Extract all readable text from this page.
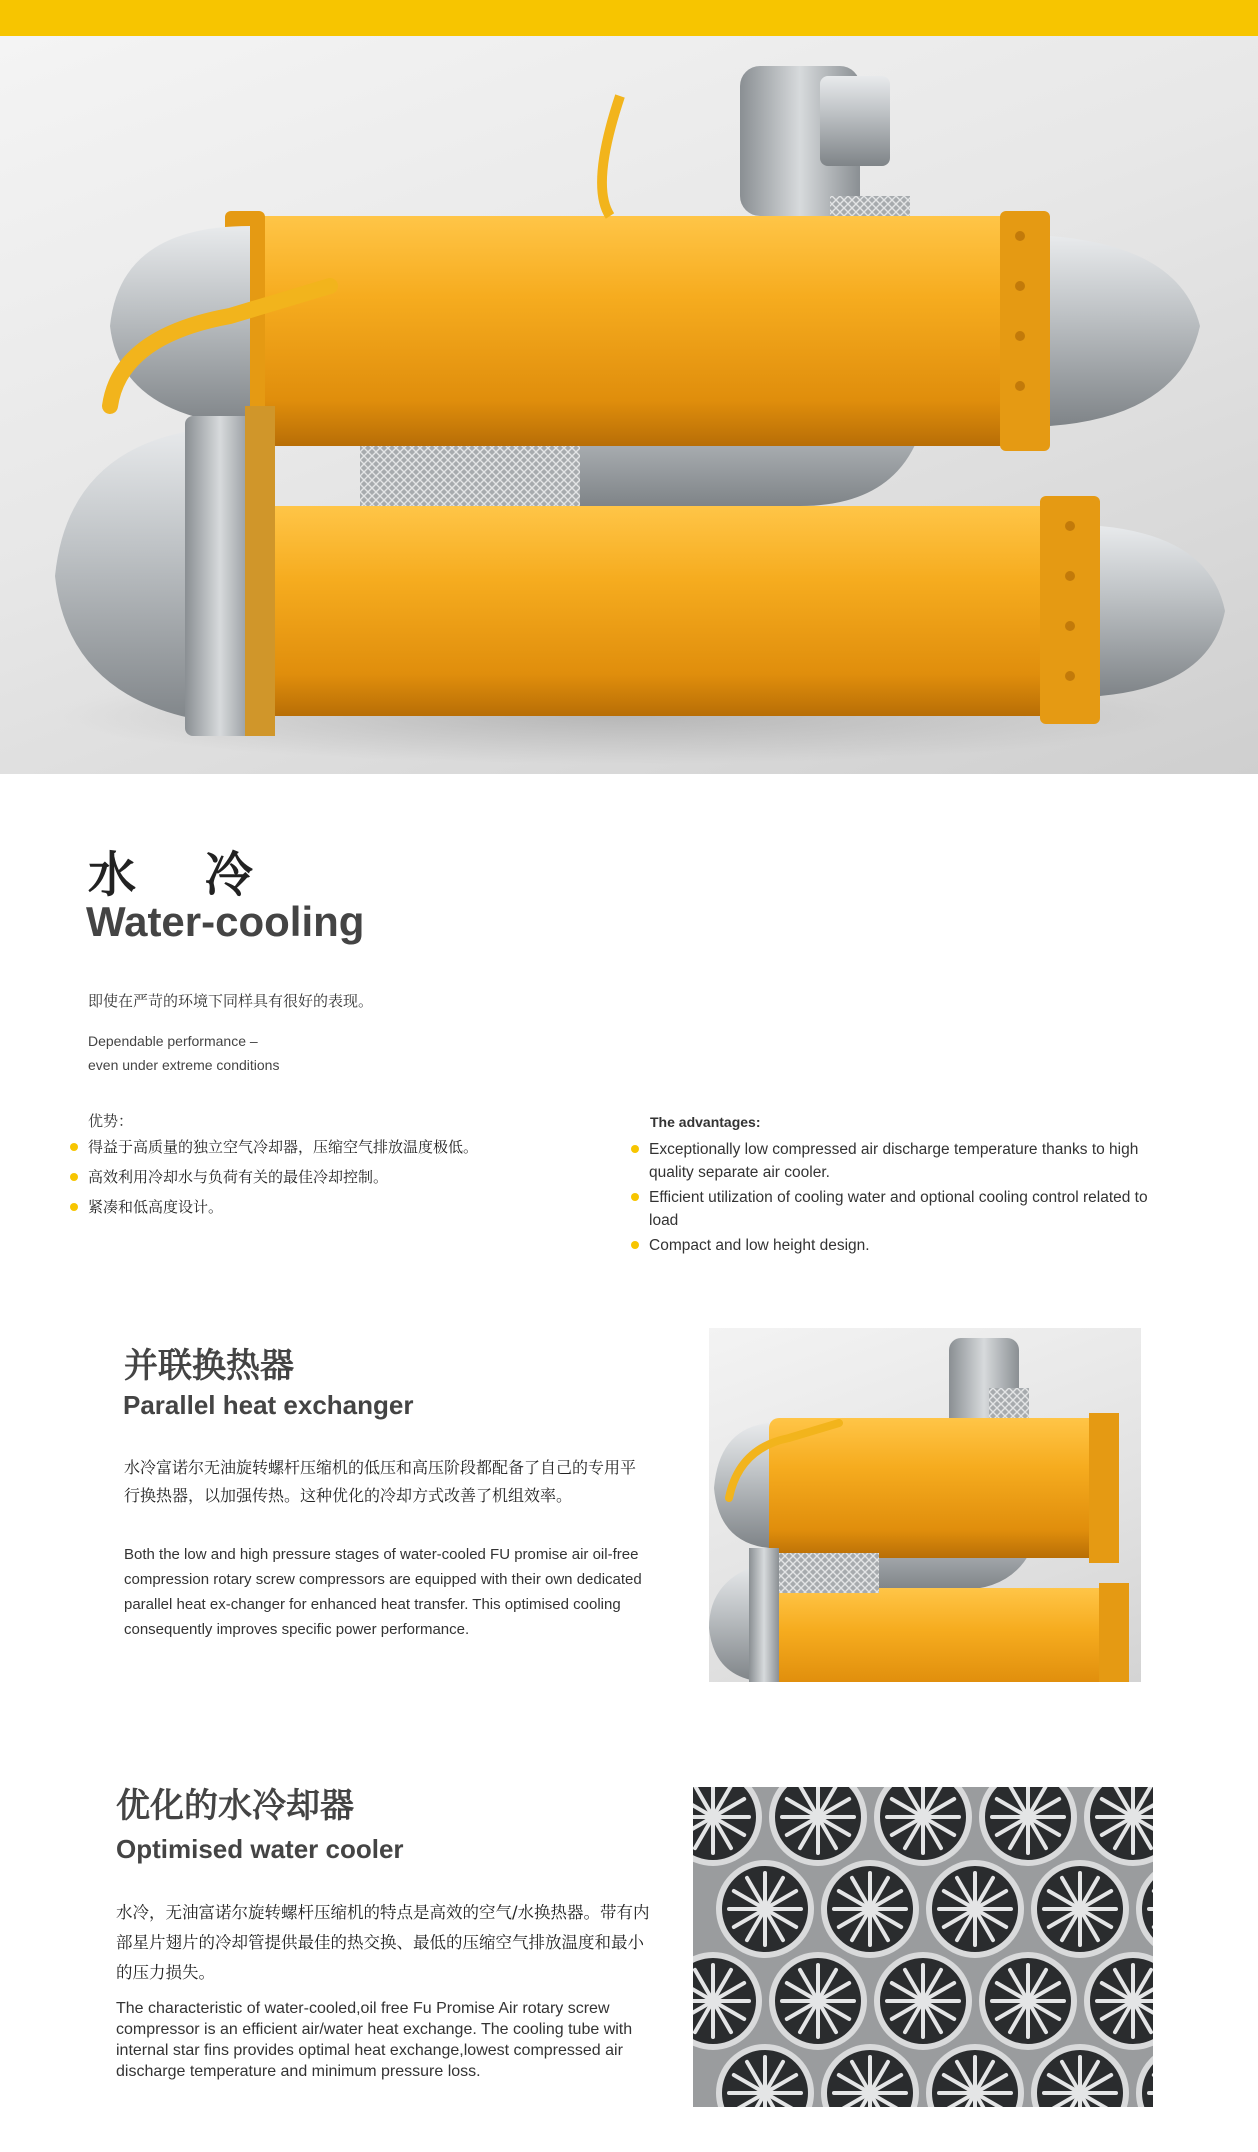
水 冷
Water-cooling
即使在严苛的环境下同样具有很好的表现。
Dependable performance –
even under extreme conditions
优势：
得益于高质量的独立空气冷却器，压缩空气排放温度极低。
高效利用冷却水与负荷有关的最佳冷却控制。
紧凑和低高度设计。
The advantages:
Exceptionally low compressed air discharge temperature thanks to high quality separate air cooler.
Efficient utilization of cooling water and optional cooling control related to load
Compact and low height design.
并联换热器
Parallel heat exchanger
水冷富诺尔无油旋转螺杆压缩机的低压和高压阶段都配备了自己的专用平行换热器，以加强传热。这种优化的冷却方式改善了机组效率。
Both the low and high pressure stages of water-cooled FU promise air oil-free compression rotary screw compressors are equipped with their own dedicated parallel heat ex-changer for enhanced heat transfer. This optimised cooling consequently improves specific power performance.
优化的水冷却器
Optimised water cooler
水冷，无油富诺尔旋转螺杆压缩机的特点是高效的空气/水换热器。带有内部星片翅片的冷却管提供最佳的热交换、最低的压缩空气排放温度和最小的压力损失。
The characteristic of water-cooled,oil free Fu Promise Air rotary screw compressor is an efficient air/water heat exchange. The cooling tube with internal star fins provides optimal heat exchange,lowest compressed air discharge temperature and minimum pressure loss.
